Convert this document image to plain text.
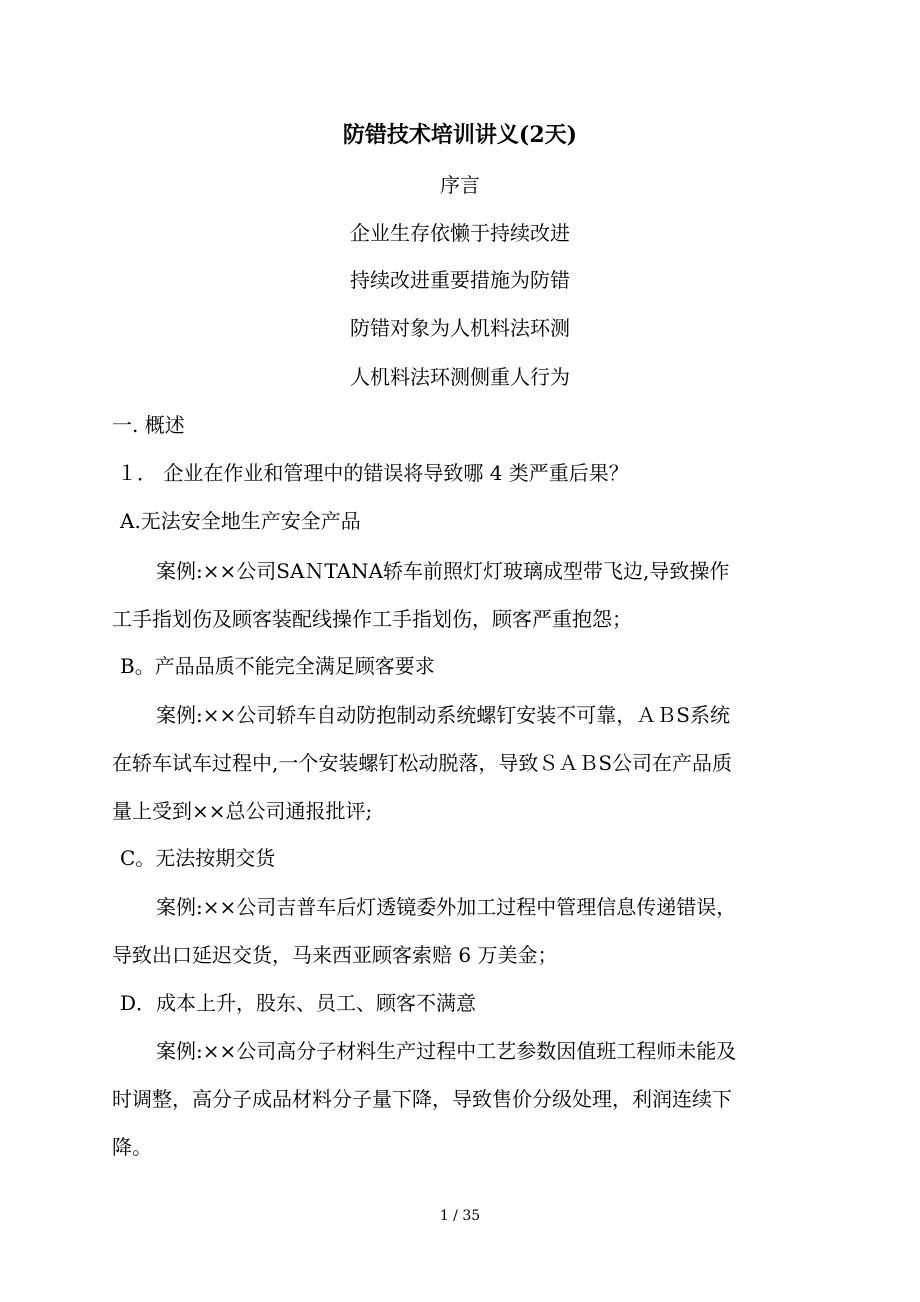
防错技术培训讲义(2天)
序言
企业生存依懒于持续改进
持续改进重要措施为防错
防错对象为人机料法环测
人机料法环测侧重人行为
一. 概述
１． 企业在作业和管理中的错误将导致哪 4 类严重后果？
A.无法安全地生产安全产品
案例:××公司SAＮTANA轿车前照灯灯玻璃成型带飞边,导致操作
工手指划伤及顾客装配线操作工手指划伤，顾客严重抱怨；
B。产品品质不能完全满足顾客要求
案例:××公司轿车自动防抱制动系统螺钉安装不可靠，ＡＢS系统
在轿车试车过程中,一个安装螺钉松动脱落，导致ＳＡＢS公司在产品质
量上受到××总公司通报批评;
C。无法按期交货
案例:××公司吉普车后灯透镜委外加工过程中管理信息传递错误，
导致出口延迟交货，马来西亚顾客索赔 6 万美金；
D．成本上升，股东、员工、顾客不满意
案例:××公司高分子材料生产过程中工艺参数因值班工程师未能及
时调整，高分子成品材料分子量下降，导致售价分级处理，利润连续下
降。
1 / 35
